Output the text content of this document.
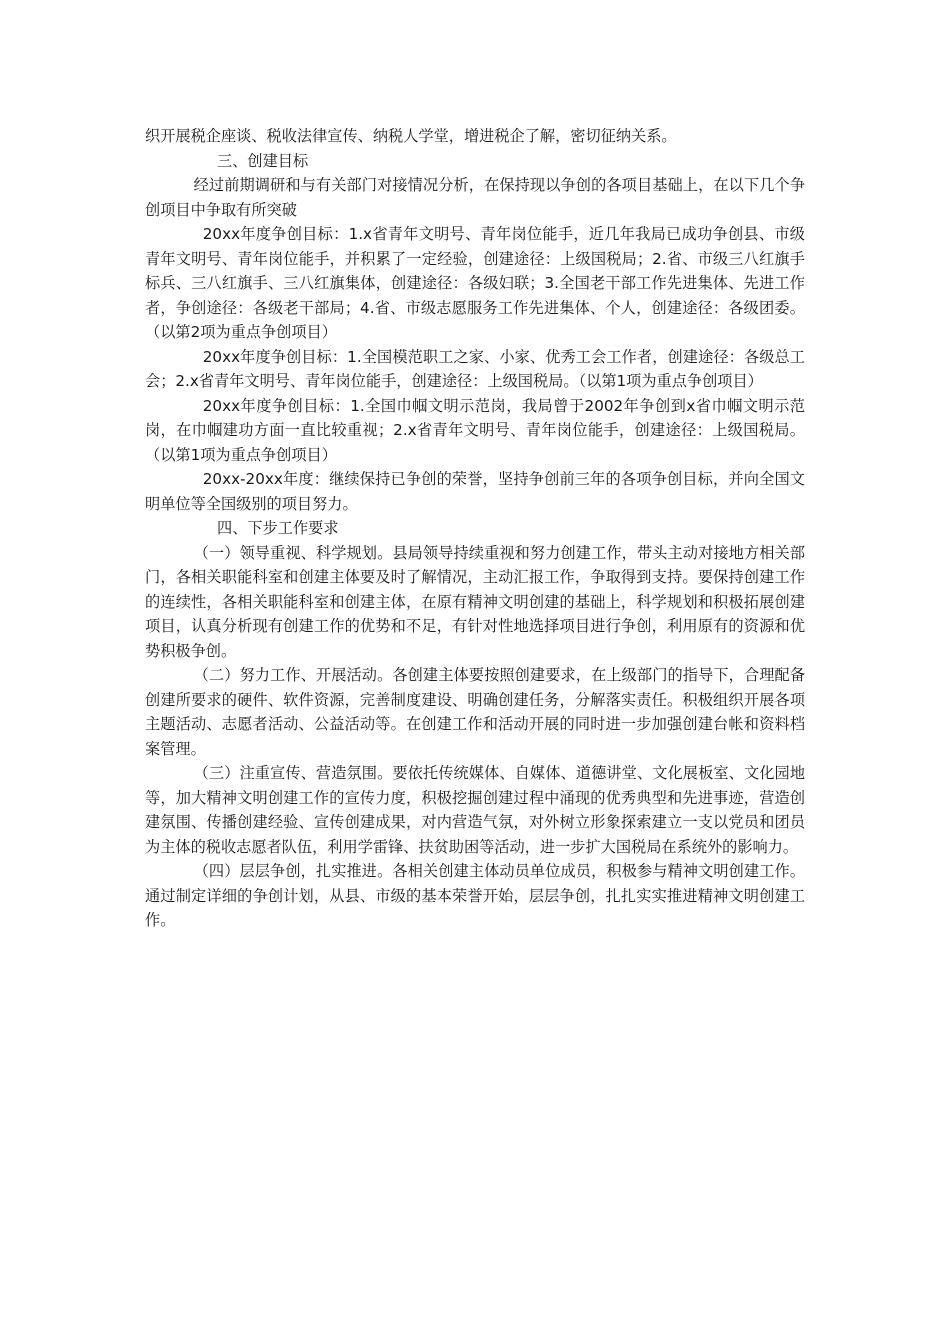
织开展税企座谈、税收法律宣传、纳税人学堂，增进税企了解，密切征纳关系。

三、创建目标

经过前期调研和与有关部门对接情况分析，在保持现以争创的各项目基础上，在以下几个争创项目中争取有所突破

20xx年度争创目标：1.x省青年文明号、青年岗位能手，近几年我局已成功争创县、市级青年文明号、青年岗位能手，并积累了一定经验，创建途径：上级国税局；2.省、市级三八红旗手标兵、三八红旗手、三八红旗集体，创建途径：各级妇联；3.全国老干部工作先进集体、先进工作者，争创途径：各级老干部局；4.省、市级志愿服务工作先进集体、个人，创建途径：各级团委。（以第2项为重点争创项目）

20xx年度争创目标：1.全国模范职工之家、小家、优秀工会工作者，创建途径：各级总工会；2.x省青年文明号、青年岗位能手，创建途径：上级国税局。（以第1项为重点争创项目）

20xx年度争创目标：1.全国巾帼文明示范岗，我局曾于2002年争创到x省巾帼文明示范岗，在巾帼建功方面一直比较重视；2.x省青年文明号、青年岗位能手，创建途径：上级国税局。（以第1项为重点争创项目）

20xx-20xx年度：继续保持已争创的荣誉，坚持争创前三年的各项争创目标，并向全国文明单位等全国级别的项目努力。

四、下步工作要求

（一）领导重视、科学规划。县局领导持续重视和努力创建工作，带头主动对接地方相关部门，各相关职能科室和创建主体要及时了解情况，主动汇报工作，争取得到支持。要保持创建工作的连续性，各相关职能科室和创建主体，在原有精神文明创建的基础上，科学规划和积极拓展创建项目，认真分析现有创建工作的优势和不足，有针对性地选择项目进行争创，利用原有的资源和优势积极争创。

（二）努力工作、开展活动。各创建主体要按照创建要求，在上级部门的指导下，合理配备创建所要求的硬件、软件资源，完善制度建设、明确创建任务，分解落实责任。积极组织开展各项主题活动、志愿者活动、公益活动等。在创建工作和活动开展的同时进一步加强创建台帐和资料档案管理。

（三）注重宣传、营造氛围。要依托传统媒体、自媒体、道德讲堂、文化展板室、文化园地等，加大精神文明创建工作的宣传力度，积极挖掘创建过程中涌现的优秀典型和先进事迹，营造创建氛围、传播创建经验、宣传创建成果，对内营造气氛，对外树立形象探索建立一支以党员和团员为主体的税收志愿者队伍，利用学雷锋、扶贫助困等活动，进一步扩大国税局在系统外的影响力。

（四）层层争创，扎实推进。各相关创建主体动员单位成员，积极参与精神文明创建工作。通过制定详细的争创计划，从县、市级的基本荣誉开始，层层争创，扎扎实实推进精神文明创建工作。
